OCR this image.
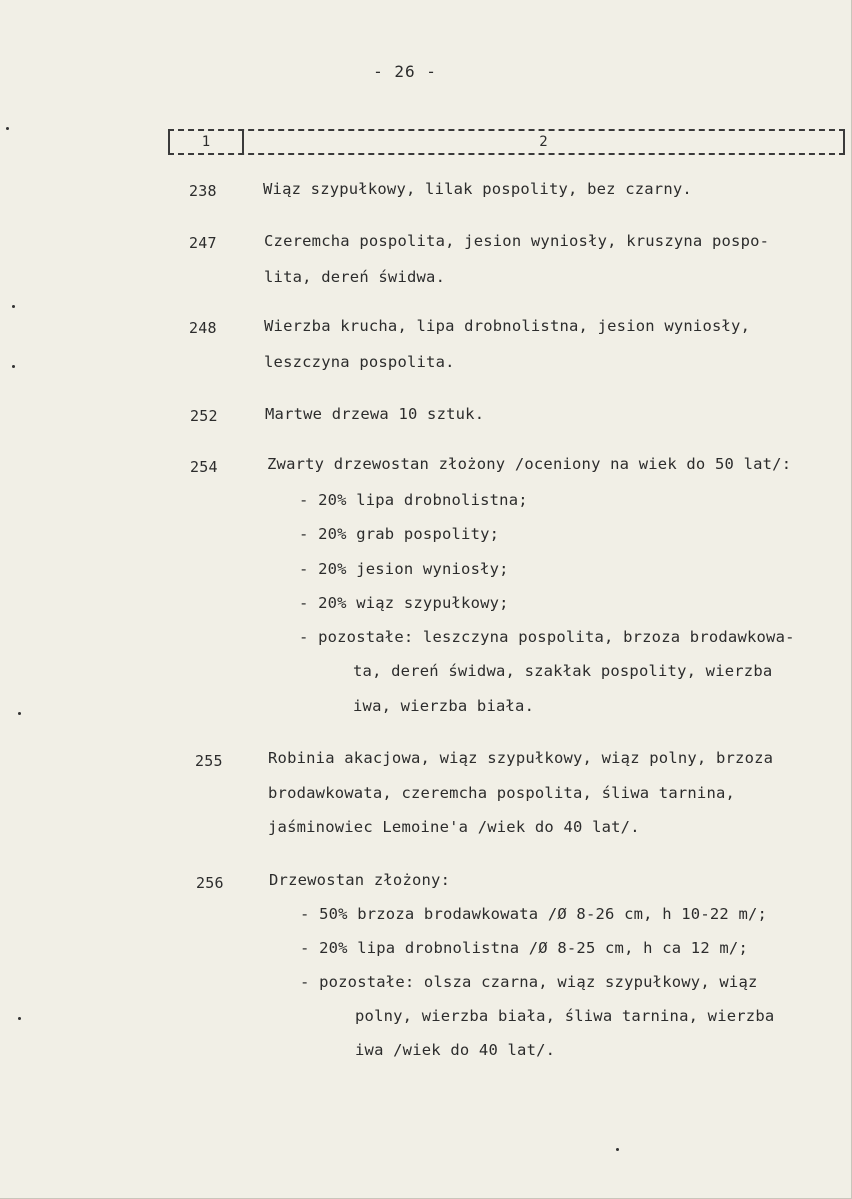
- 26 -
1	2
238	Wiąz szypułkowy, lilak pospolity, bez czarny.
247	Czeremcha pospolita, jesion wyniosły, kruszyna pospo-
lita, dereń świdwa.
248	Wierzba krucha, lipa drobnolistna, jesion wyniosły,
leszczyna pospolita.
252	Martwe drzewa 10 sztuk.
254	Zwarty drzewostan złożony /oceniony na wiek do 50 lat/:
- 20% lipa drobnolistna;
- 20% grab pospolity;
- 20% jesion wyniosły;
- 20% wiąz szypułkowy;
- pozostałe: leszczyna pospolita, brzoza brodawkowa-
ta, dereń świdwa, szakłak pospolity, wierzba
iwa, wierzba biała.
255	Robinia akacjowa, wiąz szypułkowy, wiąz polny, brzoza
brodawkowata, czeremcha pospolita, śliwa tarnina,
jaśminowiec Lemoine'a /wiek do 40 lat/.
256	Drzewostan złożony:
- 50% brzoza brodawkowata /Ø 8-26 cm, h 10-22 m/;
- 20% lipa drobnolistna /Ø 8-25 cm, h ca 12 m/;
- pozostałe: olsza czarna, wiąz szypułkowy, wiąz
polny, wierzba biała, śliwa tarnina, wierzba
iwa /wiek do 40 lat/.
